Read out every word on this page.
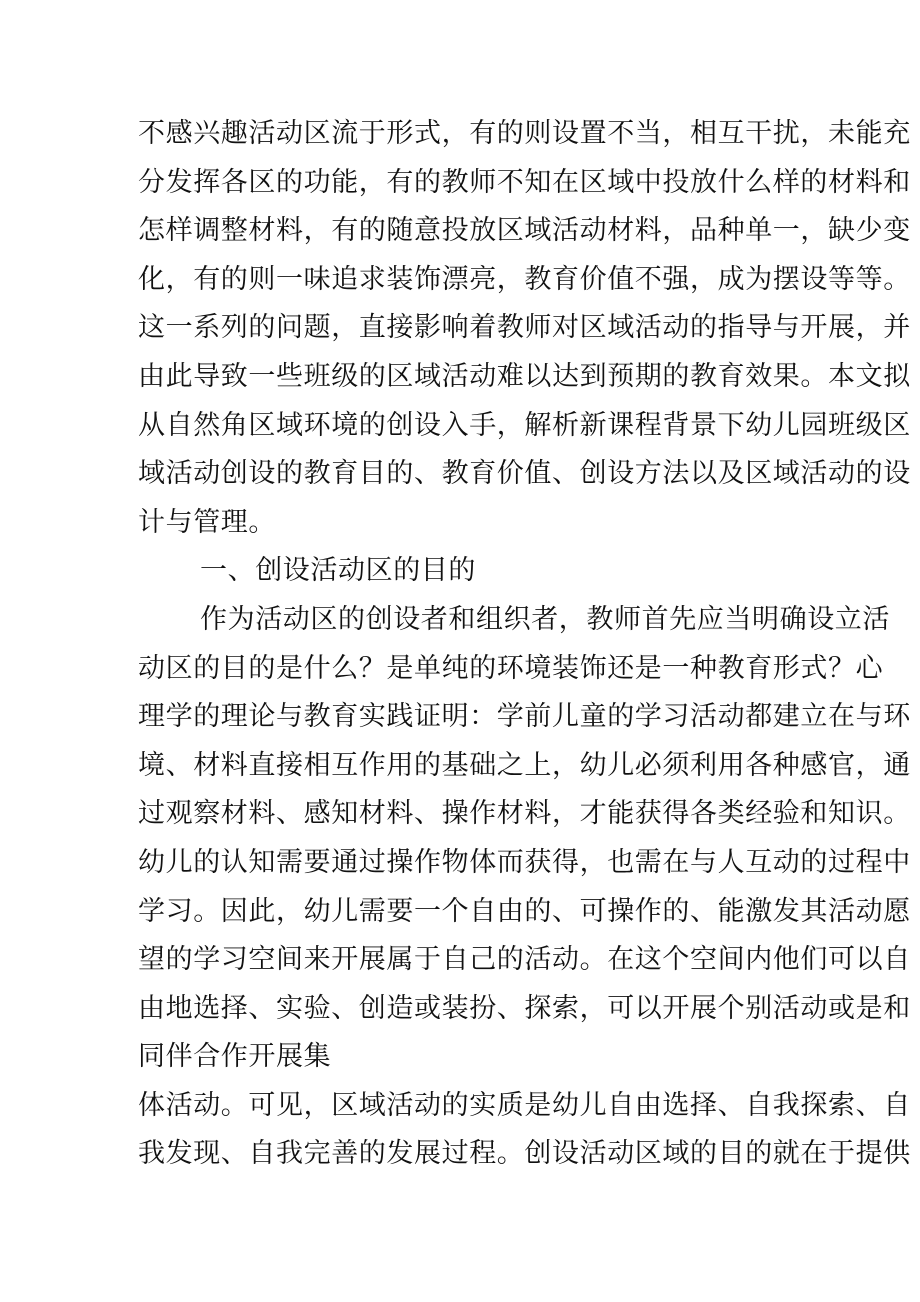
不感兴趣活动区流于形式，有的则设置不当，相互干扰，未能充
分发挥各区的功能，有的教师不知在区域中投放什么样的材料和
怎样调整材料，有的随意投放区域活动材料，品种单一，缺少变
化，有的则一味追求装饰漂亮，教育价值不强，成为摆设等等。
这一系列的问题，直接影响着教师对区域活动的指导与开展，并
由此导致一些班级的区域活动难以达到预期的教育效果。本文拟
从自然角区域环境的创设入手，解析新课程背景下幼儿园班级区
域活动创设的教育目的、教育价值、创设方法以及区域活动的设
计与管理。
一、创设活动区的目的
作为活动区的创设者和组织者，教师首先应当明确设立活
动区的目的是什么？是单纯的环境装饰还是一种教育形式？心
理学的理论与教育实践证明：学前儿童的学习活动都建立在与环
境、材料直接相互作用的基础之上，幼儿必须利用各种感官，通
过观察材料、感知材料、操作材料，才能获得各类经验和知识。
幼儿的认知需要通过操作物体而获得，也需在与人互动的过程中
学习。因此，幼儿需要一个自由的、可操作的、能激发其活动愿
望的学习空间来开展属于自己的活动。在这个空间内他们可以自
由地选择、实验、创造或装扮、探索，可以开展个别活动或是和
同伴合作开展集
体活动。可见，区域活动的实质是幼儿自由选择、自我探索、自
我发现、自我完善的发展过程。创设活动区域的目的就在于提供
